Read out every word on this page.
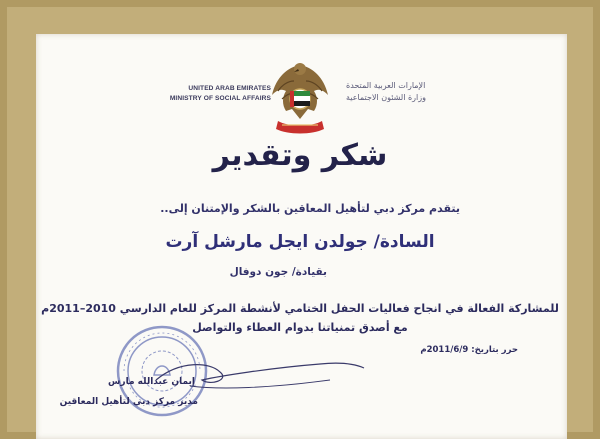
UNITED ARAB EMIRATES
MINISTRY OF SOCIAL AFFAIRS
الإمارات العربية المتحدة
وزارة الشئون الاجتماعية
شكر وتقدير
يتقدم مركز دبي لتأهيل المعاقين بالشكر والإمتنان إلى..
السادة/ جولدن ايجل مارشل آرت
بقيادة/ جون دوفال
للمشاركة الفعالة في انجاح فعاليات الحفل الختامي لأنشطة المركز للعام الدارسي 2010–2011م
مع أصدق تمنياتنا بدوام العطاء والتواصل
حرر بتاريخ: 2011/6/9م
إيمان عبدالله مارس
مدير مركز دبي لتأهيل المعاقين
